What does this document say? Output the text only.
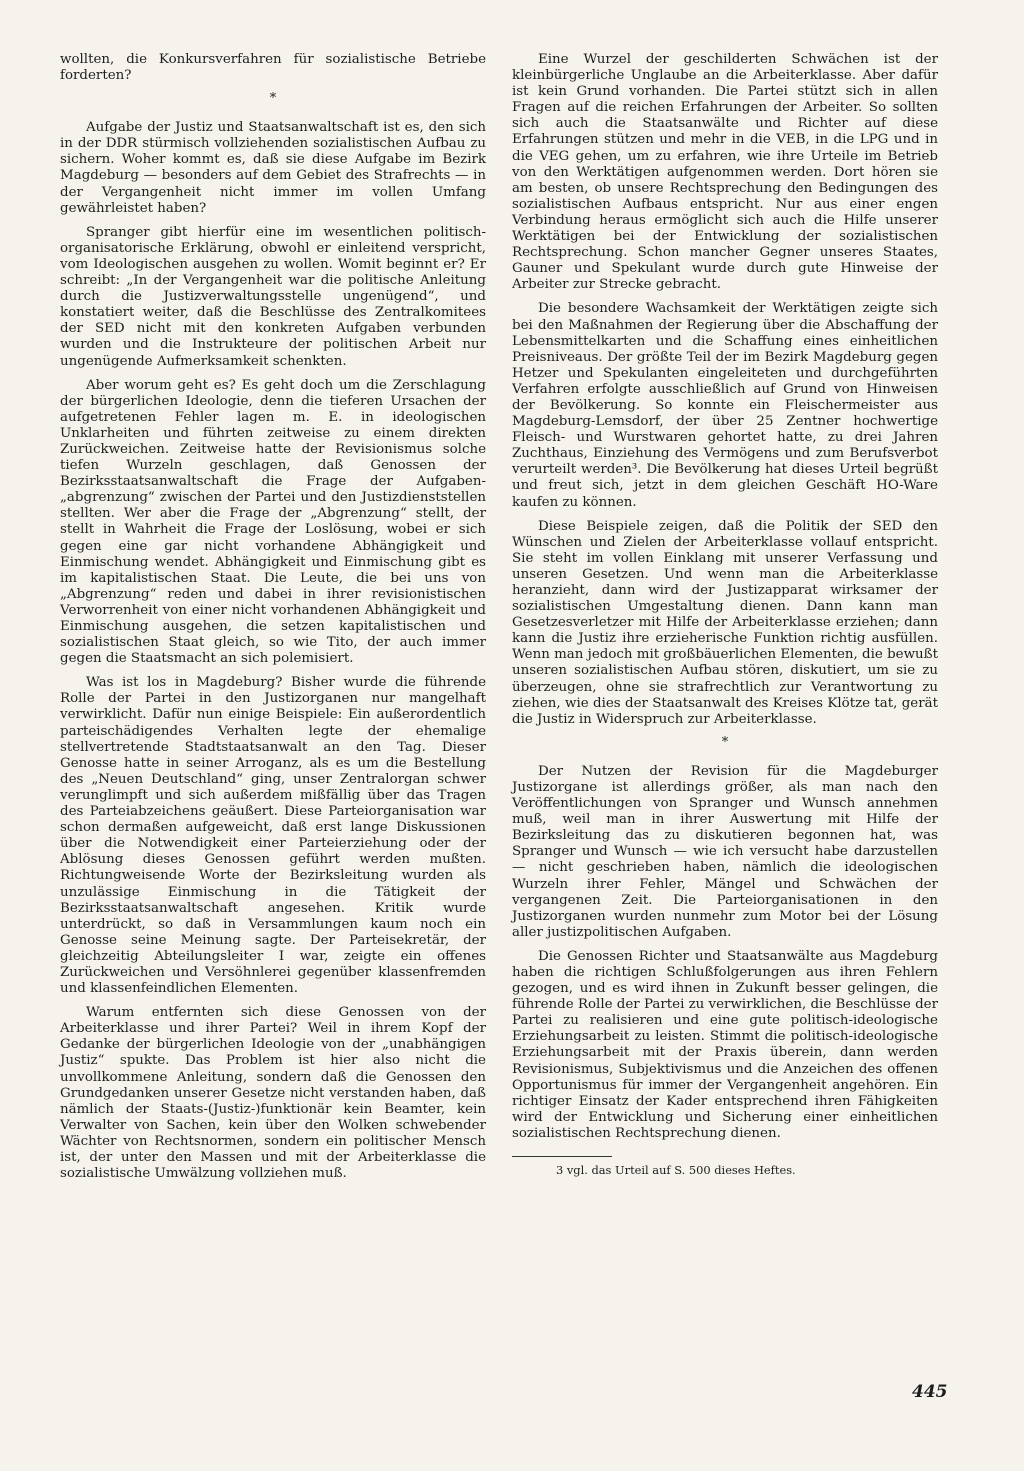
wollten, die Konkursverfahren für sozialistische Betriebe forderten?

*

Aufgabe der Justiz und Staatsanwaltschaft ist es, den sich in der DDR stürmisch vollziehenden sozialistischen Aufbau zu sichern. Woher kommt es, daß sie diese Aufgabe im Bezirk Magdeburg — besonders auf dem Gebiet des Strafrechts — in der Vergangenheit nicht immer im vollen Umfang gewährleistet haben?

Spranger gibt hierfür eine im wesentlichen politisch-organisatorische Erklärung, obwohl er einleitend verspricht, vom Ideologischen ausgehen zu wollen. Womit beginnt er? Er schreibt: „In der Vergangenheit war die politische Anleitung durch die Justizverwaltungsstelle ungenügend“, und konstatiert weiter, daß die Beschlüsse des Zentralkomitees der SED nicht mit den konkreten Aufgaben verbunden wurden und die Instrukteure der politischen Arbeit nur ungenügende Aufmerksamkeit schenkten.

Aber worum geht es? Es geht doch um die Zerschlagung der bürgerlichen Ideologie, denn die tieferen Ursachen der aufgetretenen Fehler lagen m. E. in ideologischen Unklarheiten und führten zeitweise zu einem direkten Zurückweichen. Zeitweise hatte der Revisionismus solche tiefen Wurzeln geschlagen, daß Genossen der Bezirksstaatsanwaltschaft die Frage der Aufgaben-„abgrenzung“ zwischen der Partei und den Justizdienststellen stellten. Wer aber die Frage der „Abgrenzung“ stellt, der stellt in Wahrheit die Frage der Loslösung, wobei er sich gegen eine gar nicht vorhandene Abhängigkeit und Einmischung wendet. Abhängigkeit und Einmischung gibt es im kapitalistischen Staat. Die Leute, die bei uns von „Abgrenzung“ reden und dabei in ihrer revisionistischen Verworrenheit von einer nicht vorhandenen Abhängigkeit und Einmischung ausgehen, die setzen kapitalistischen und sozialistischen Staat gleich, so wie Tito, der auch immer gegen die Staatsmacht an sich polemisiert.

Was ist los in Magdeburg? Bisher wurde die führende Rolle der Partei in den Justizorganen nur mangelhaft verwirklicht. Dafür nun einige Beispiele: Ein außerordentlich parteischädigendes Verhalten legte der ehemalige stellvertretende Stadtstaatsanwalt an den Tag. Dieser Genosse hatte in seiner Arroganz, als es um die Bestellung des „Neuen Deutschland“ ging, unser Zentralorgan schwer verunglimpft und sich außerdem mißfällig über das Tragen des Parteiabzeichens geäußert. Diese Parteiorganisation war schon dermaßen aufgeweicht, daß erst lange Diskussionen über die Notwendigkeit einer Parteierziehung oder der Ablösung dieses Genossen geführt werden mußten. Richtungweisende Worte der Bezirksleitung wurden als unzulässige Einmischung in die Tätigkeit der Bezirksstaatsanwaltschaft angesehen. Kritik wurde unterdrückt, so daß in Versammlungen kaum noch ein Genosse seine Meinung sagte. Der Parteisekretär, der gleichzeitig Abteilungsleiter I war, zeigte ein offenes Zurückweichen und Versöhnlerei gegenüber klassenfremden und klassenfeindlichen Elementen.

Warum entfernten sich diese Genossen von der Arbeiterklasse und ihrer Partei? Weil in ihrem Kopf der Gedanke der bürgerlichen Ideologie von der „unabhängigen Justiz“ spukte. Das Problem ist hier also nicht die unvollkommene Anleitung, sondern daß die Genossen den Grundgedanken unserer Gesetze nicht verstanden haben, daß nämlich der Staats-(Justiz-)funktionär kein Beamter, kein Verwalter von Sachen, kein über den Wolken schwebender Wächter von Rechtsnormen, sondern ein politischer Mensch ist, der unter den Massen und mit der Arbeiterklasse die sozialistische Umwälzung vollziehen muß.

Eine Wurzel der geschilderten Schwächen ist der kleinbürgerliche Unglaube an die Arbeiterklasse. Aber dafür ist kein Grund vorhanden. Die Partei stützt sich in allen Fragen auf die reichen Erfahrungen der Arbeiter. So sollten sich auch die Staatsanwälte und Richter auf diese Erfahrungen stützen und mehr in die VEB, in die LPG und in die VEG gehen, um zu erfahren, wie ihre Urteile im Betrieb von den Werktätigen aufgenommen werden. Dort hören sie am besten, ob unsere Rechtsprechung den Bedingungen des sozialistischen Aufbaus entspricht. Nur aus einer engen Verbindung heraus ermöglicht sich auch die Hilfe unserer Werktätigen bei der Entwicklung der sozialistischen Rechtsprechung. Schon mancher Gegner unseres Staates, Gauner und Spekulant wurde durch gute Hinweise der Arbeiter zur Strecke gebracht.

Die besondere Wachsamkeit der Werktätigen zeigte sich bei den Maßnahmen der Regierung über die Abschaffung der Lebensmittelkarten und die Schaffung eines einheitlichen Preisniveaus. Der größte Teil der im Bezirk Magdeburg gegen Hetzer und Spekulanten eingeleiteten und durchgeführten Verfahren erfolgte ausschließlich auf Grund von Hinweisen der Bevölkerung. So konnte ein Fleischermeister aus Magdeburg-Lemsdorf, der über 25 Zentner hochwertige Fleisch- und Wurstwaren gehortet hatte, zu drei Jahren Zuchthaus, Einziehung des Vermögens und zum Berufsverbot verurteilt werden³. Die Bevölkerung hat dieses Urteil begrüßt und freut sich, jetzt in dem gleichen Geschäft HO-Ware kaufen zu können.

Diese Beispiele zeigen, daß die Politik der SED den Wünschen und Zielen der Arbeiterklasse vollauf entspricht. Sie steht im vollen Einklang mit unserer Verfassung und unseren Gesetzen. Und wenn man die Arbeiterklasse heranzieht, dann wird der Justizapparat wirksamer der sozialistischen Umgestaltung dienen. Dann kann man Gesetzesverletzer mit Hilfe der Arbeiterklasse erziehen; dann kann die Justiz ihre erzieherische Funktion richtig ausfüllen. Wenn man jedoch mit großbäuerlichen Elementen, die bewußt unseren sozialistischen Aufbau stören, diskutiert, um sie zu überzeugen, ohne sie strafrechtlich zur Verantwortung zu ziehen, wie dies der Staatsanwalt des Kreises Klötze tat, gerät die Justiz in Widerspruch zur Arbeiterklasse.

*

Der Nutzen der Revision für die Magdeburger Justizorgane ist allerdings größer, als man nach den Veröffentlichungen von Spranger und Wunsch annehmen muß, weil man in ihrer Auswertung mit Hilfe der Bezirksleitung das zu diskutieren begonnen hat, was Spranger und Wunsch — wie ich versucht habe darzustellen — nicht geschrieben haben, nämlich die ideologischen Wurzeln ihrer Fehler, Mängel und Schwächen der vergangenen Zeit. Die Parteiorganisationen in den Justizorganen wurden nunmehr zum Motor bei der Lösung aller justizpolitischen Aufgaben.

Die Genossen Richter und Staatsanwälte aus Magdeburg haben die richtigen Schlußfolgerungen aus ihren Fehlern gezogen, und es wird ihnen in Zukunft besser gelingen, die führende Rolle der Partei zu verwirklichen, die Beschlüsse der Partei zu realisieren und eine gute politisch-ideologische Erziehungsarbeit zu leisten. Stimmt die politisch-ideologische Erziehungsarbeit mit der Praxis überein, dann werden Revisionismus, Subjektivismus und die Anzeichen des offenen Opportunismus für immer der Vergangenheit angehören. Ein richtiger Einsatz der Kader entsprechend ihren Fähigkeiten wird der Entwicklung und Sicherung einer einheitlichen sozialistischen Rechtsprechung dienen.

3 vgl. das Urteil auf S. 500 dieses Heftes.

445
